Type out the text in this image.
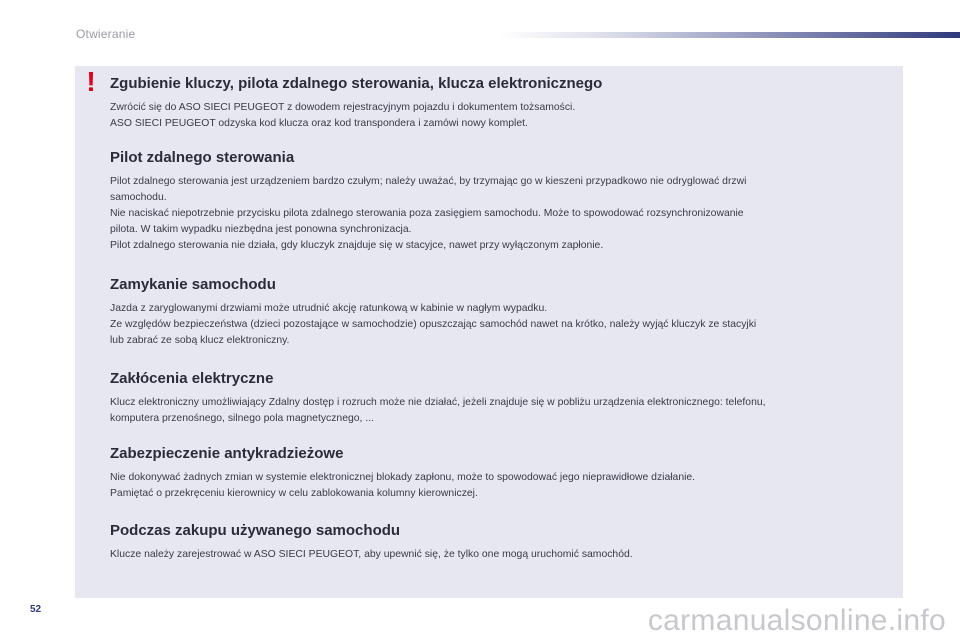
Otwieranie
! Zgubienie kluczy, pilota zdalnego sterowania, klucza elektronicznego

Zwrócić się do ASO SIECI PEUGEOT z dowodem rejestracyjnym pojazdu i dokumentem tożsamości.

ASO SIECI PEUGEOT odzyska kod klucza oraz kod transpondera i zamówi nowy komplet.

Pilot zdalnego sterowania

Pilot zdalnego sterowania jest urządzeniem bardzo czułym; należy uważać, by trzymając go w kieszeni przypadkowo nie odryglować drzwi

samochodu.

Nie naciskać niepotrzebnie przycisku pilota zdalnego sterowania poza zasięgiem samochodu. Może to spowodować rozsynchronizowanie

pilota. W takim wypadku niezbędna jest ponowna synchronizacja.

Pilot zdalnego sterowania nie działa, gdy kluczyk znajduje się w stacyjce, nawet przy wyłączonym zapłonie.

Zamykanie samochodu

Jazda z zaryglowanymi drzwiami może utrudnić akcję ratunkową w kabinie w nagłym wypadku.

Ze względów bezpieczeństwa (dzieci pozostające w samochodzie) opuszczając samochód nawet na krótko, należy wyjąć kluczyk ze stacyjki

lub zabrać ze sobą klucz elektroniczny.

Zakłócenia elektryczne

Klucz elektroniczny umożliwiający Zdalny dostęp i rozruch może nie działać, jeżeli znajduje się w pobliżu urządzenia elektronicznego: telefonu,

komputera przenośnego, silnego pola magnetycznego, ...

Zabezpieczenie antykradzieżowe

Nie dokonywać żadnych zmian w systemie elektronicznej blokady zapłonu, może to spowodować jego nieprawidłowe działanie.

Pamiętać o przekręceniu kierownicy w celu zablokowania kolumny kierowniczej.

Podczas zakupu używanego samochodu

Klucze należy zarejestrować w ASO SIECI PEUGEOT, aby upewnić się, że tylko one mogą uruchomić samochód.

52	carmanualsonline.info
